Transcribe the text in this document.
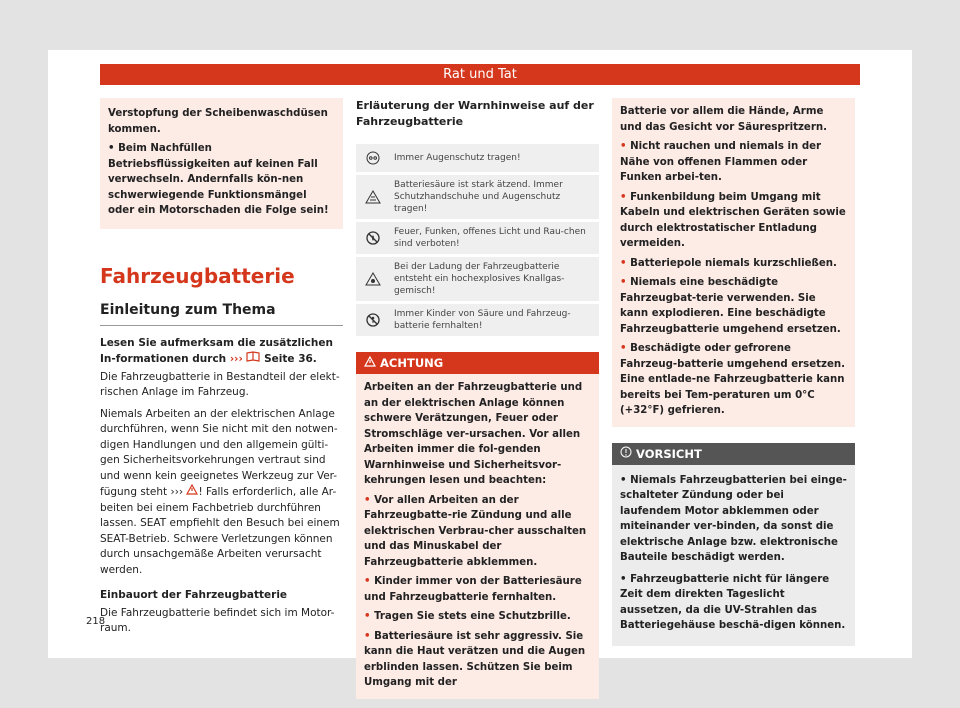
Rat und Tat

Verstopfung der Scheibenwaschdüsen kommen.

• Beim Nachfüllen Betriebsflüssigkeiten auf keinen Fall verwechseln. Andernfalls kön-nen schwerwiegende Funktionsmängel oder ein Motorschaden die Folge sein!

Fahrzeugbatterie
Einleitung zum Thema

Lesen Sie aufmerksam die zusätzlichen In-formationen durch ››› Seite 36.

Die Fahrzeugbatterie in Bestandteil der elekt-rischen Anlage im Fahrzeug.

Niemals Arbeiten an der elektrischen Anlage durchführen, wenn Sie nicht mit den notwen-digen Handlungen und den allgemein gülti-gen Sicherheitsvorkehrungen vertraut sind und wenn kein geeignetes Werkzeug zur Ver-fügung steht ››› ! Falls erforderlich, alle Ar-beiten bei einem Fachbetrieb durchführen lassen. SEAT empfiehlt den Besuch bei einem SEAT-Betrieb. Schwere Verletzungen können durch unsachgemäße Arbeiten verursacht werden.

Einbauort der Fahrzeugbatterie

Die Fahrzeugbatterie befindet sich im Motor-raum.

Erläuterung der Warnhinweise auf der Fahrzeugbatterie

Immer Augenschutz tragen!
Batteriesäure ist stark ätzend. Immer Schutzhandschuhe und Augenschutz tragen!
Feuer, Funken, offenes Licht und Rau-chen sind verboten!
Bei der Ladung der Fahrzeugbatterie entsteht ein hochexplosives Knallgas-gemisch!
Immer Kinder von Säure und Fahrzeug-batterie fernhalten!
ACHTUNG

Arbeiten an der Fahrzeugbatterie und an der elektrischen Anlage können schwere Verätzungen, Feuer oder Stromschläge ver-ursachen. Vor allen Arbeiten immer die fol-genden Warnhinweise und Sicherheitsvor-kehrungen lesen und beachten:

• Vor allen Arbeiten an der Fahrzeugbatte-rie Zündung und alle elektrischen Verbrau-cher ausschalten und das Minuskabel der Fahrzeugbatterie abklemmen.

• Kinder immer von der Batteriesäure und Fahrzeugbatterie fernhalten.

• Tragen Sie stets eine Schutzbrille.

• Batteriesäure ist sehr aggressiv. Sie kann die Haut verätzen und die Augen erblinden lassen. Schützen Sie beim Umgang mit der

Batterie vor allem die Hände, Arme und das Gesicht vor Säurespritzern.

• Nicht rauchen und niemals in der Nähe von offenen Flammen oder Funken arbei-ten.

• Funkenbildung beim Umgang mit Kabeln und elektrischen Geräten sowie durch elektrostatischer Entladung vermeiden.

• Batteriepole niemals kurzschließen.

• Niemals eine beschädigte Fahrzeugbat-terie verwenden. Sie kann explodieren. Eine beschädigte Fahrzeugbatterie umgehend ersetzen.

• Beschädigte oder gefrorene Fahrzeug-batterie umgehend ersetzen. Eine entlade-ne Fahrzeugbatterie kann bereits bei Tem-peraturen um 0°C (+32°F) gefrieren.

VORSICHT

• Niemals Fahrzeugbatterien bei einge-schalteter Zündung oder bei laufendem Motor abklemmen oder miteinander ver-binden, da sonst die elektrische Anlage bzw. elektronische Bauteile beschädigt werden.

• Fahrzeugbatterie nicht für längere Zeit dem direkten Tageslicht aussetzen, da die UV-Strahlen das Batteriegehäuse beschä-digen können.

218
